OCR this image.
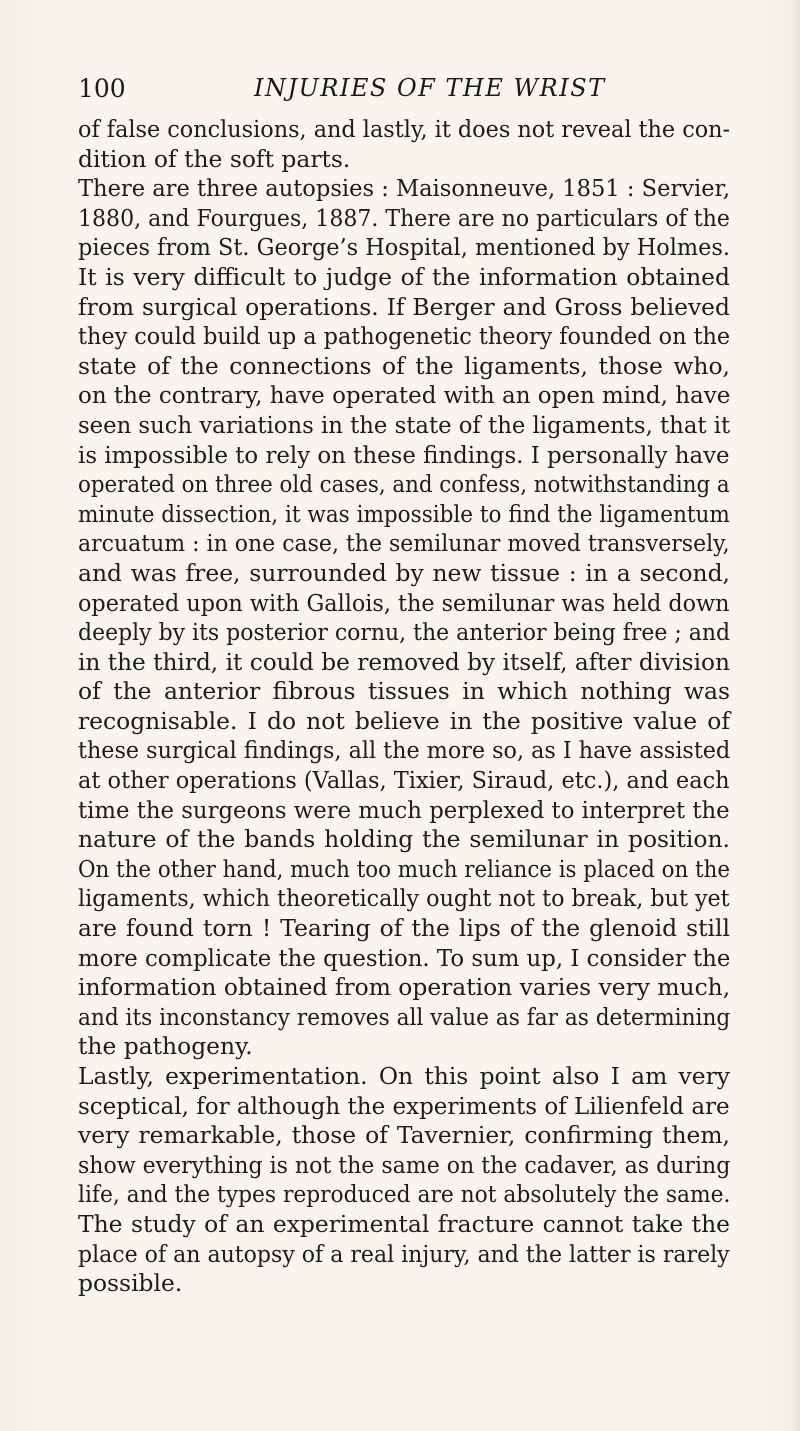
100	INJURIES OF THE WRIST
of false conclusions, and lastly, it does not reveal the con-
dition of the soft parts.
There are three autopsies : Maisonneuve, 1851 : Servier,
1880, and Fourgues, 1887. There are no particulars of the
pieces from St. George’s Hospital, mentioned by Holmes.
It is very difficult to judge of the information obtained
from surgical operations. If Berger and Gross believed
they could build up a pathogenetic theory founded on the
state of the connections of the ligaments, those who,
on the contrary, have operated with an open mind, have
seen such variations in the state of the ligaments, that it
is impossible to rely on these findings. I personally have
operated on three old cases, and confess, notwithstanding a
minute dissection, it was impossible to find the ligamentum
arcuatum : in one case, the semilunar moved transversely,
and was free, surrounded by new tissue : in a second,
operated upon with Gallois, the semilunar was held down
deeply by its posterior cornu, the anterior being free ; and
in the third, it could be removed by itself, after division
of the anterior fibrous tissues in which nothing was
recognisable. I do not believe in the positive value of
these surgical findings, all the more so, as I have assisted
at other operations (Vallas, Tixier, Siraud, etc.), and each
time the surgeons were much perplexed to interpret the
nature of the bands holding the semilunar in position.
On the other hand, much too much reliance is placed on the
ligaments, which theoretically ought not to break, but yet
are found torn ! Tearing of the lips of the glenoid still
more complicate the question. To sum up, I consider the
information obtained from operation varies very much,
and its inconstancy removes all value as far as determining
the pathogeny.
Lastly, experimentation. On this point also I am very
sceptical, for although the experiments of Lilienfeld are
very remarkable, those of Tavernier, confirming them,
show everything is not the same on the cadaver, as during
life, and the types reproduced are not absolutely the same.
The study of an experimental fracture cannot take the
place of an autopsy of a real injury, and the latter is rarely
possible.
